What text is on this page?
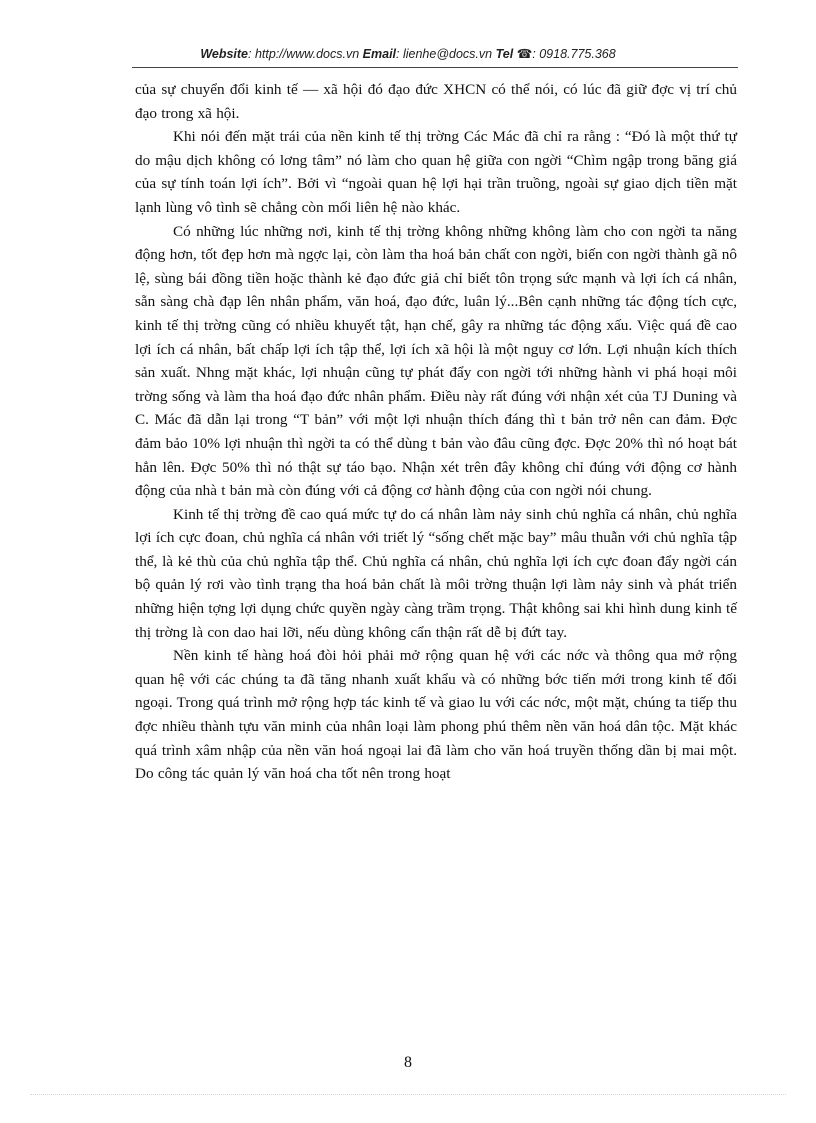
Website: http://www.docs.vn Email: lienhe@docs.vn Tel ☎: 0918.775.368

của sự chuyển đổi kinh tế — xã hội đó đạo đức XHCN có thể nói, có lúc đã giữ đợc vị trí chủ đạo trong xã hội.

Khi nói đến mặt trái của nền kinh tế thị trờng Các Mác đã chỉ ra rằng : “Đó là một thứ tự do mậu dịch không có lơng tâm” nó làm cho quan hệ giữa con ngời “Chìm ngập trong băng giá của sự tính toán lợi ích”. Bởi vì “ngoài quan hệ lợi hại trần truồng, ngoài sự giao dịch tiền mặt lạnh lùng vô tình sẽ chẳng còn mối liên hệ nào khác.

Có những lúc những nơi, kinh tế thị trờng không những không làm cho con ngời ta năng động hơn, tốt đẹp hơn mà ngợc lại, còn làm tha hoá bản chất con ngời, biến con ngời thành gã nô lệ, sùng bái đồng tiền hoặc thành kẻ đạo đức giả chỉ biết tôn trọng sức mạnh và lợi ích cá nhân, sẵn sàng chà đạp lên nhân phẩm, văn hoá, đạo đức, luân lý...Bên cạnh những tác động tích cực, kinh tế thị trờng cũng có nhiều khuyết tật, hạn chế, gây ra những tác động xấu. Việc quá đề cao lợi ích cá nhân, bất chấp lợi ích tập thể, lợi ích xã hội là một nguy cơ lớn. Lợi nhuận kích thích sản xuất. Nhng mặt khác, lợi nhuận cũng tự phát đẩy con ngời tới những hành vi phá hoại môi trờng sống và làm tha hoá đạo đức nhân phẩm. Điều này rất đúng với nhận xét của TJ Duning và C. Mác đã dẫn lại trong “T bản” với một lợi nhuận thích đáng thì t bản trở nên can đảm. Đợc đảm bảo 10% lợi nhuận thì ngời ta có thể dùng t bản vào đâu cũng đợc. Đợc 20% thì nó hoạt bát hẳn lên. Đợc 50% thì nó thật sự táo bạo. Nhận xét trên đây không chỉ đúng với động cơ hành động của nhà t bản mà còn đúng với cả động cơ hành động của con ngời nói chung.

Kinh tế thị trờng đề cao quá mức tự do cá nhân làm nảy sinh chủ nghĩa cá nhân, chủ nghĩa lợi ích cực đoan, chủ nghĩa cá nhân với triết lý “sống chết mặc bay” mâu thuẫn với chủ nghĩa tập thể, là kẻ thù của chủ nghĩa tập thể. Chủ nghĩa cá nhân, chủ nghĩa lợi ích cực đoan đẩy ngời cán bộ quản lý rơi vào tình trạng tha hoá bản chất là môi trờng thuận lợi làm nảy sinh và phát triển những hiện tợng lợi dụng chức quyền ngày càng trầm trọng. Thật không sai khi hình dung kinh tế thị trờng là con dao hai lỡi, nếu dùng không cẩn thận rất dễ bị đứt tay.

Nền kinh tế hàng hoá đòi hỏi phải mở rộng quan hệ với các nớc và thông qua mở rộng quan hệ với các chúng ta đã tăng nhanh xuất khẩu và có những bớc tiến mới trong kinh tế đối ngoại. Trong quá trình mở rộng hợp tác kinh tế và giao lu với các nớc, một mặt, chúng ta tiếp thu đợc nhiều thành tựu văn minh của nhân loại làm phong phú thêm nền văn hoá dân tộc. Mặt khác quá trình xâm nhập của nền văn hoá ngoại lai đã làm cho văn hoá truyền thống dần bị mai một. Do công tác quản lý văn hoá cha tốt nên trong hoạt

8
